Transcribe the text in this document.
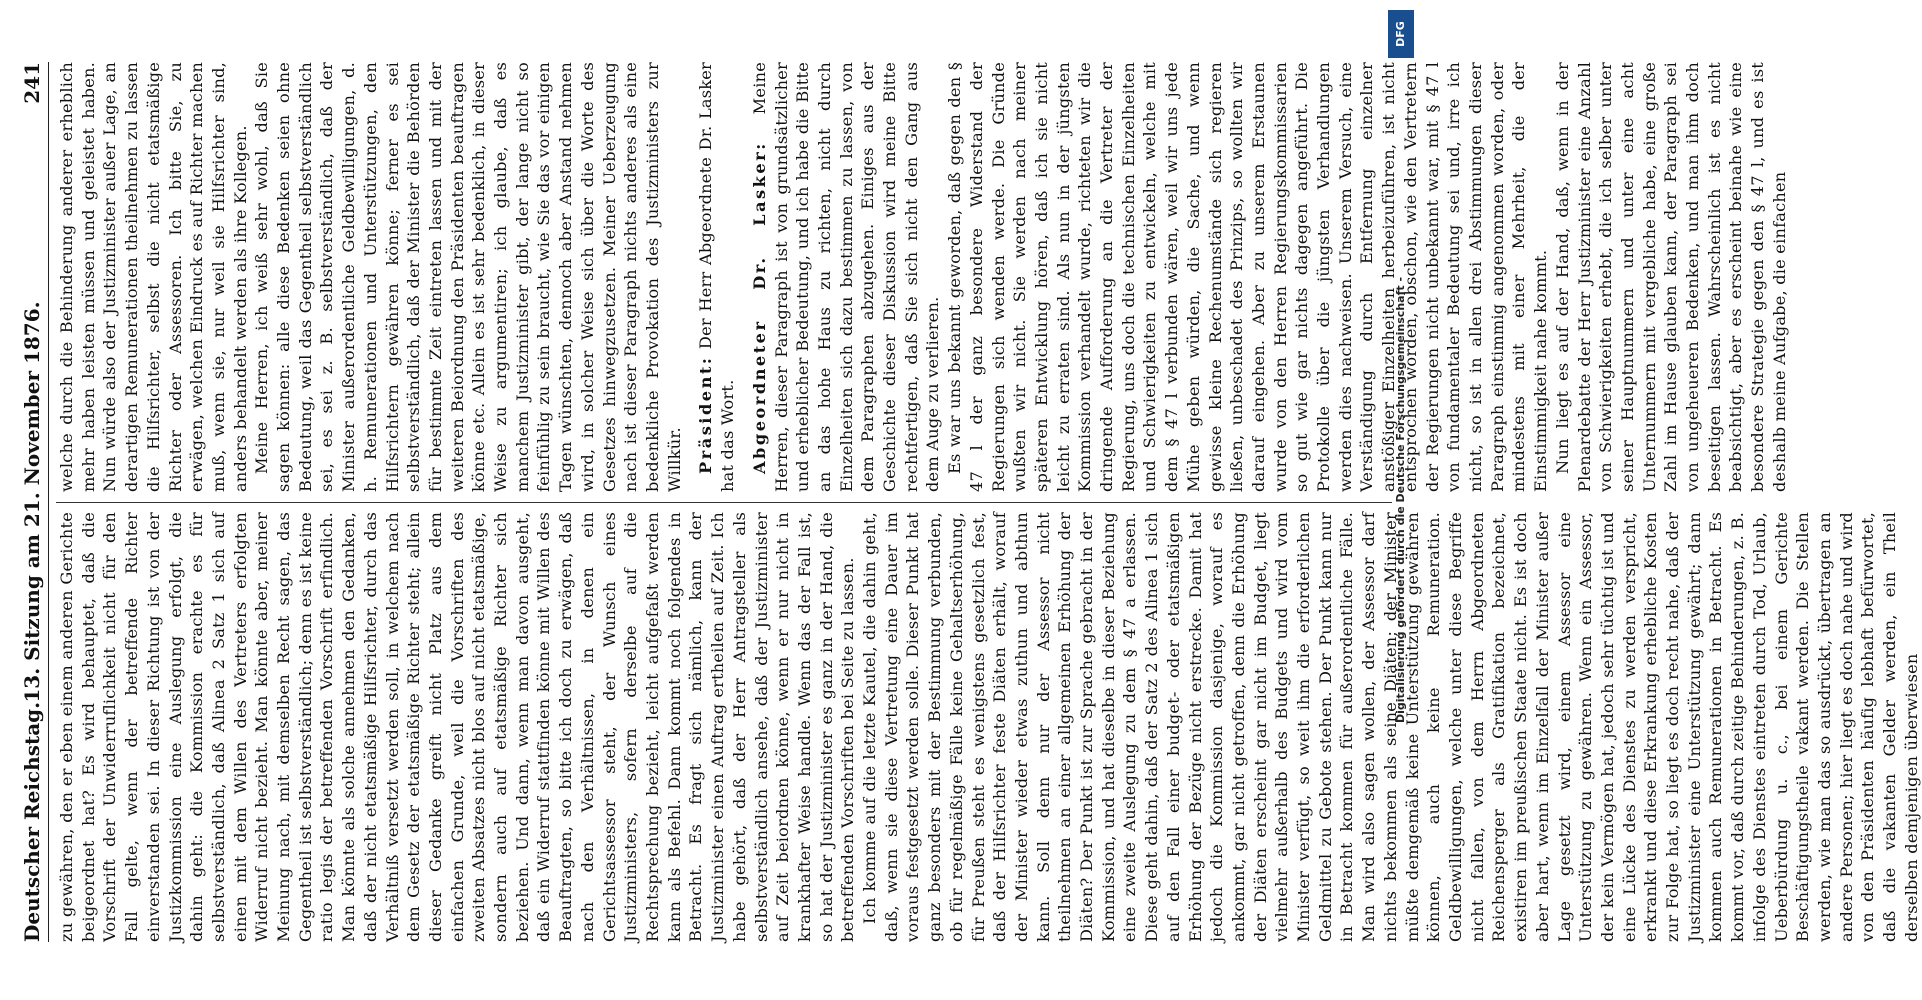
Deutscher Reichstag.
13. Sitzung am 21. November 1876.
241

zu gewähren, den er eben einem anderen Gerichte beigeordnet hat? Es wird behauptet, daß die Vorschrift der Unwiderruflichkeit nicht für den Fall gelte, wenn der betreffende Richter einverstanden sei. In dieser Richtung ist von der Justizkommission eine Auslegung erfolgt, die dahin geht: die Kommission erachte es für selbstverständlich, daß Alinea 2 Satz 1 sich auf einen mit dem Willen des Vertreters erfolgten Widerruf nicht bezieht. Man könnte aber, meiner Meinung nach, mit demselben Recht sagen, das Gegentheil ist selbstverständlich; denn es ist keine ratio legis der betreffenden Vorschrift erfindlich. Man könnte als solche annehmen den Gedanken, daß der nicht etatsmäßige Hilfsrichter, durch das Verhältniß versetzt werden soll, in welchem nach dem Gesetz der etatsmäßige Richter steht; allein dieser Gedanke greift nicht Platz aus dem einfachen Grunde, weil die Vorschriften des zweiten Absatzes nicht blos auf nicht etatsmäßige, sondern auch auf etatsmäßige Richter sich beziehen. Und dann, wenn man davon ausgeht, daß ein Widerruf stattfinden könne mit Willen des Beauftragten, so bitte ich doch zu erwägen, daß nach den Verhältnissen, in denen ein Gerichtsassessor steht, der Wunsch eines Justizministers, sofern derselbe auf die Rechtsprechung bezieht, leicht aufgefaßt werden kann als Befehl. Dann kommt noch folgendes in Betracht. Es fragt sich nämlich, kann der Justizminister einen Auftrag ertheilen auf Zeit. Ich habe gehört, daß der Herr Antragsteller als selbstverständlich ansehe, daß der Justizminister auf Zeit beiordnen könne, wenn er nur nicht in krankhafter Weise handle. Wenn das der Fall ist, so hat der Justizminister es ganz in der Hand, die betreffenden Vorschriften bei Seite zu lassen. Ich komme auf die letzte Kautel, die dahin geht, daß, wenn sie diese Vertretung eine Dauer im voraus festgesetzt werden solle. Dieser Punkt hat ganz besonders mit der Bestimmung verbunden, ob für regelmäßige Fälle keine Gehaltserhöhung, für Preußen steht es wenigstens gesetzlich fest, daß der Hilfsrichter feste Diäten erhält, worauf der Minister wieder etwas zuthun und abthun kann. Soll denn nur der Assessor nicht theilnehmen an einer allgemeinen Erhöhung der Diäten? Der Punkt ist zur Sprache gebracht in der Kommission, und hat dieselbe in dieser Beziehung eine zweite Auslegung zu dem § 47 a erlassen. Diese geht dahin, daß der Satz 2 des Alinea 1 sich auf den Fall einer budget- oder etatsmäßigen Erhöhung der Bezüge nicht erstrecke. Damit hat jedoch die Kommission dasjenige, worauf es ankommt, gar nicht getroffen, denn die Erhöhung der Diäten erscheint gar nicht im Budget, liegt vielmehr außerhalb des Budgets und wird vom Minister verfügt, so weit ihm die erforderlichen Geldmittel zu Gebote stehen. Der Punkt kann nur in Betracht kommen für außerordentliche Fälle. Man wird also sagen wollen, der Assessor darf nichts bekommen als seine Diäten; der Minister müßte demgemäß keine Unterstützung gewähren können, auch keine Remuneration. Geldbewilligungen, welche unter diese Begriffe nicht fallen, von dem Herrn Abgeordneten Reichensperger als Gratifikation bezeichnet, existiren im preußischen Staate nicht. Es ist doch aber hart, wenn im Einzelfall der Minister außer Lage gesetzt wird, einem Assessor eine Unterstützung zu gewähren. Wenn ein Assessor, der kein Vermögen hat, jedoch sehr tüchtig ist und eine Lücke des Dienstes zu werden verspricht, erkrankt und diese Erkrankung erhebliche Kosten zur Folge hat, so liegt es doch recht nahe, daß der Justizminister eine Unterstützung gewährt; dann kommen auch Remunerationen in Betracht. Es kommt vor, daß durch zeitige Behinderungen, z. B. infolge des Dienstes eintreten durch Tod, Urlaub, Ueberbürdung u. c., bei einem Gerichte Beschäftigungstheile vakant werden. Die Stellen werden, wie man das so ausdrückt, übertragen an andere Personen; hier liegt es doch nahe und wird von den Präsidenten häufig lebhaft befürwortet, daß die vakanten Gelder werden, ein Theil derselben demjenigen überwiesen

welche durch die Behinderung anderer erheblich mehr haben leisten müssen und geleistet haben. Nun würde also der Justizminister außer Lage, an derartigen Remunerationen theilnehmen zu lassen die Hilfsrichter, selbst die nicht etatsmäßige Richter oder Assessoren. Ich bitte Sie, zu erwägen, welchen Eindruck es auf Richter machen muß, wenn sie, nur weil sie Hilfsrichter sind, anders behandelt werden als ihre Kollegen. Meine Herren, ich weiß sehr wohl, daß Sie sagen können: alle diese Bedenken seien ohne Bedeutung, weil das Gegentheil selbstverständlich sei, es sei z. B. selbstverständlich, daß der Minister außerordentliche Geldbewilligungen, d. h. Remunerationen und Unterstützungen, den Hilfsrichtern gewähren könne; ferner es sei selbstverständlich, daß der Minister die Behörden für bestimmte Zeit eintreten lassen und mit der weiteren Beiordnung den Präsidenten beauftragen könne etc. Allein es ist sehr bedenklich, in dieser Weise zu argumentiren; ich glaube, daß es manchem Justizminister gibt, der lange nicht so feinfühlig zu sein braucht, wie Sie das vor einigen Tagen wünschten, dennoch aber Anstand nehmen wird, in solcher Weise sich über die Worte des Gesetzes hinwegzusetzen. Meiner Ueberzeugung nach ist dieser Paragraph nichts anderes als eine bedenkliche Provokation des Justizministers zur Willkür. Präsident: Der Herr Abgeordnete Dr. Lasker hat das Wort. Abgeordneter Dr. Lasker: Meine Herren, dieser Paragraph ist von grundsätzlicher und erheblicher Bedeutung, und ich habe die Bitte an das hohe Haus zu richten, nicht durch Einzelheiten sich dazu bestimmen zu lassen, von dem Paragraphen abzugehen. Einiges aus der Geschichte dieser Diskussion wird meine Bitte rechtfertigen, daß Sie sich nicht den Gang aus dem Auge zu verlieren. Es war uns bekannt geworden, daß gegen den § 47 l der ganz besondere Widerstand der Regierungen sich wenden werde. Die Gründe wußten wir nicht. Sie werden nach meiner späteren Entwicklung hören, daß ich sie nicht leicht zu erraten sind. Als nun in der jüngsten Kommission verhandelt wurde, richteten wir die dringende Aufforderung an die Vertreter der Regierung, uns doch die technischen Einzelheiten und Schwierigkeiten zu entwickeln, welche mit dem § 47 l verbunden wären, weil wir uns jede Mühe geben würden, die Sache, und wenn gewisse kleine Rechenumstände sich regieren ließen, unbeschadet des Prinzips, so wollten wir darauf eingehen. Aber zu unserem Erstaunen wurde von den Herren Regierungskommissarien so gut wie gar nichts dagegen angeführt. Die Protokolle über die jüngsten Verhandlungen werden dies nachweisen. Unserem Versuch, eine Verständigung durch Entfernung einzelner anstößiger Einzelheiten herbeizuführen, ist nicht entsprochen worden, obschon, wie den Vertretern der Regierungen nicht unbekannt war, mit § 47 l von fundamentaler Bedeutung sei und, irre ich nicht, so ist in allen drei Abstimmungen dieser Paragraph einstimmig angenommen worden, oder mindestens mit einer Mehrheit, die der Einstimmigkeit nahe kommt. Nun liegt es auf der Hand, daß, wenn in der Plenardebatte der Herr Justizminister eine Anzahl von Schwierigkeiten erhebt, die ich selber unter seiner Hauptnummern und unter eine acht Unternummern mit vergebliche habe, eine große Zahl im Hause glauben kann, der Paragraph sei von ungeheueren Bedenken, und man ihm doch beseitigen lassen. Wahrscheinlich ist es nicht beabsichtigt, aber es erscheint beinahe wie eine besondere Strategie gegen den § 47 l, und es ist deshalb meine Aufgabe, die einfachen

Digitalisierung gefördert durch die Deutsche Forschungsgemeinschaft -
DFG
